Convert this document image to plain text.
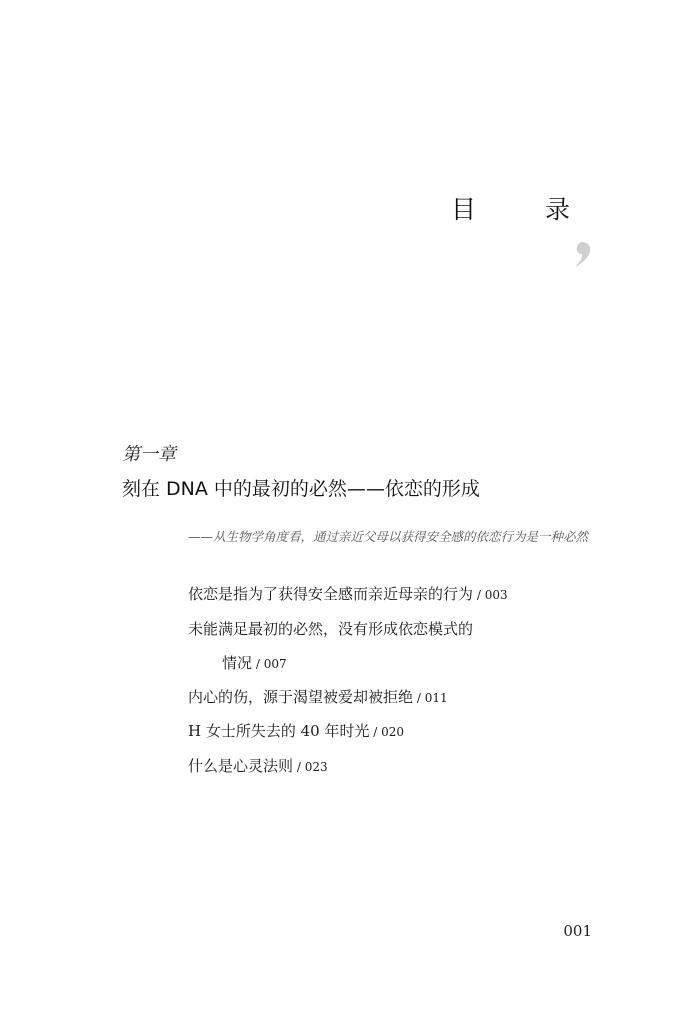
目　录
第一章
刻在 DNA 中的最初的必然——依恋的形成
——从生物学角度看，通过亲近父母以获得安全感的依恋行为是一种必然
依恋是指为了获得安全感而亲近母亲的行为 / 003
未能满足最初的必然，没有形成依恋模式的
情况 / 007
内心的伤，源于渴望被爱却被拒绝 / 011
H 女士所失去的 40 年时光 / 020
什么是心灵法则 / 023
001
